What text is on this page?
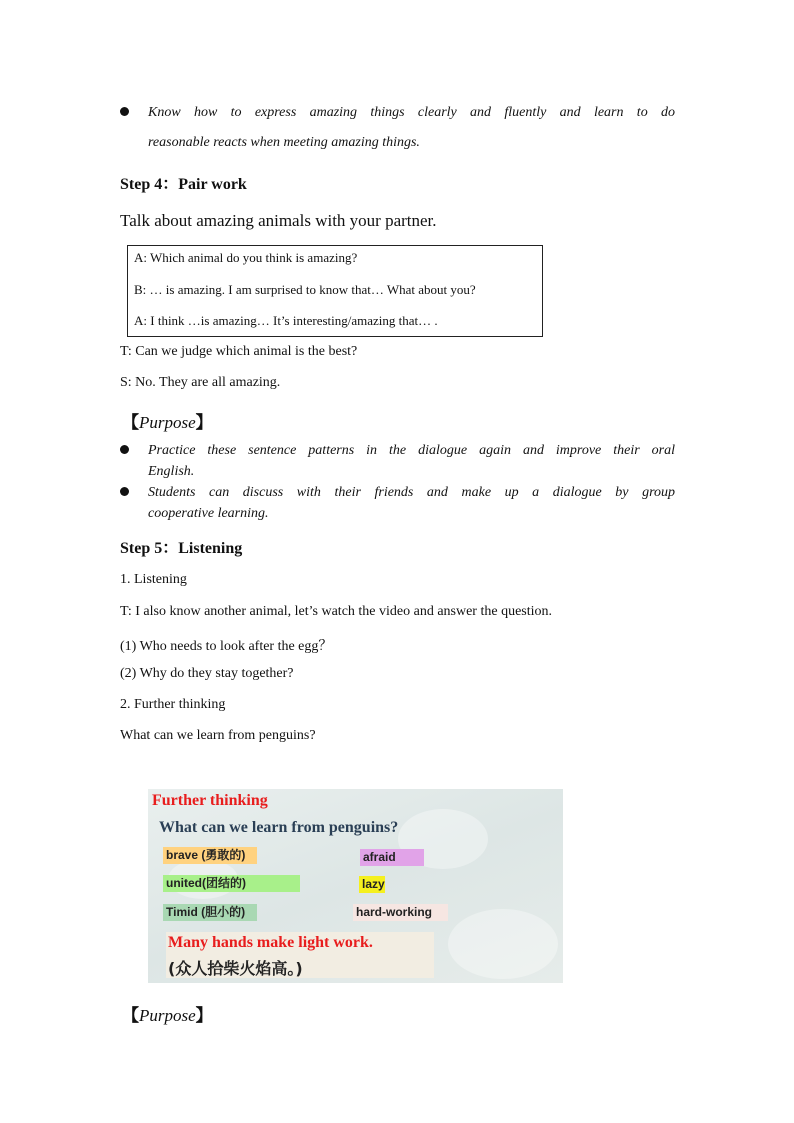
Know how to express amazing things clearly and fluently and learn to do
reasonable reacts when meeting amazing things.
Step 4：Pair work
Talk about amazing animals with your partner.
A: Which animal do you think is amazing?
B: … is amazing. I am surprised to know that… What about you?
A: I think …is amazing… It’s interesting/amazing that… .
T: Can we judge which animal is the best?
S: No. They are all amazing.
【Purpose】
Practice these sentence patterns in the dialogue again and improve their oral
English.
Students can discuss with their friends and make up a dialogue by group
cooperative learning.
Step 5：Listening
1. Listening
T: I also know another animal, let’s watch the video and answer the question.
(1) Who needs to look after the egg？
(2) Why do they stay together?
2. Further thinking
What can we learn from penguins?
Further thinking
What can we learn from penguins?
brave (勇敢的)	afraid
united(团结的)	lazy
Timid (胆小的)	hard-working
Many hands make light work.
(众人拾柴火焰高。)
【Purpose】
